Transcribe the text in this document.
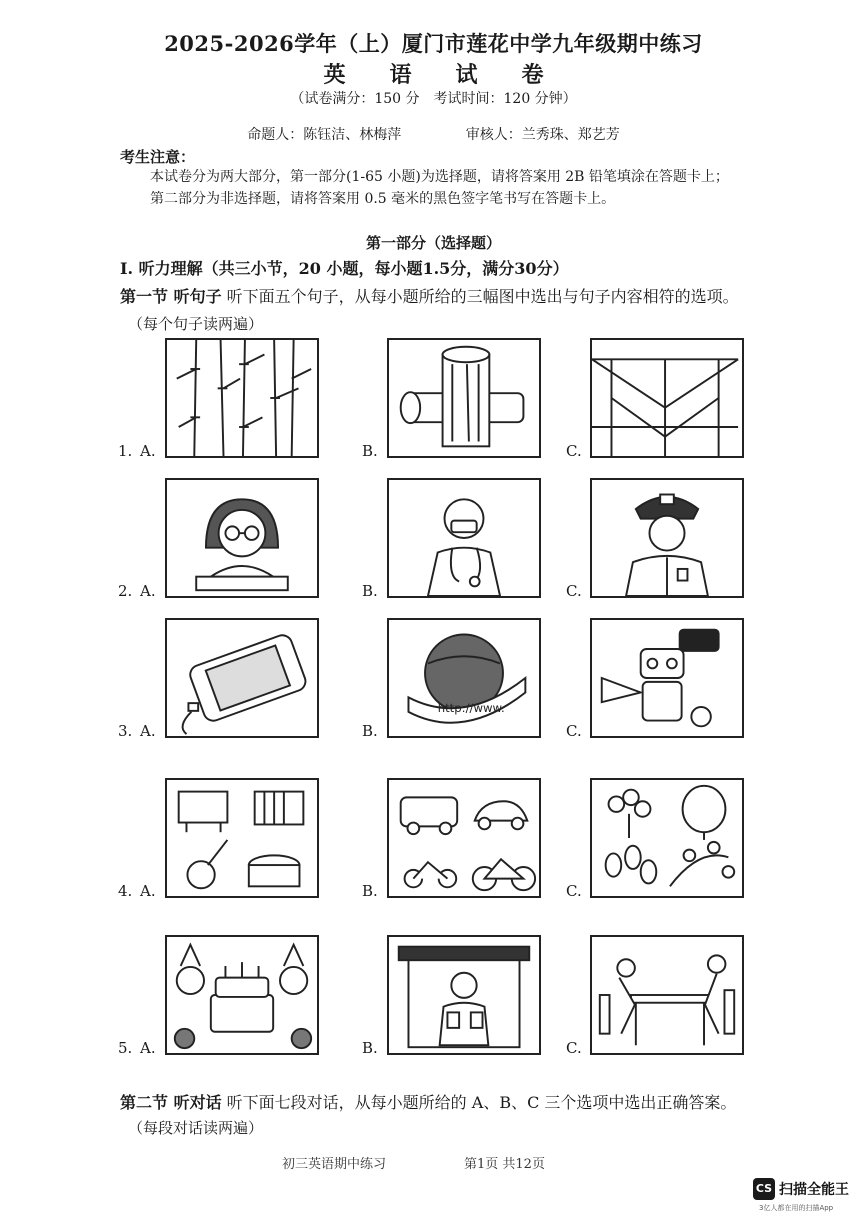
2025-2026学年（上）厦门市莲花中学九年级期中练习
英 语 试 卷
（试卷满分：150 分　考试时间：120 分钟）
命题人：陈钰洁、林梅萍	审核人：兰秀珠、郑艺芳
考生注意：
本试卷分为两大部分，第一部分(1-65 小题)为选择题，请将答案用 2B 铅笔填涂在答题卡上；
第二部分为非选择题，请将答案用 0.5 毫米的黑色签字笔书写在答题卡上。
第一部分（选择题）
I. 听力理解（共三小节，20 小题，每小题1.5分，满分30分）
第一节 听句子 听下面五个句子，从每小题所给的三幅图中选出与句子内容相符的选项。
（每个句子读两遍）
1. A.	B.	C.
2. A.	B.	C.
3. A.	B.
http://www.
C.
4. A.	B.	C.
5. A.	B.	C.
第二节 听对话 听下面七段对话，从每小题所给的 A、B、C 三个选项中选出正确答案。
（每段对话读两遍）
初三英语期中练习	第1页 共12页
CS 扫描全能王
3亿人都在用的扫描App
